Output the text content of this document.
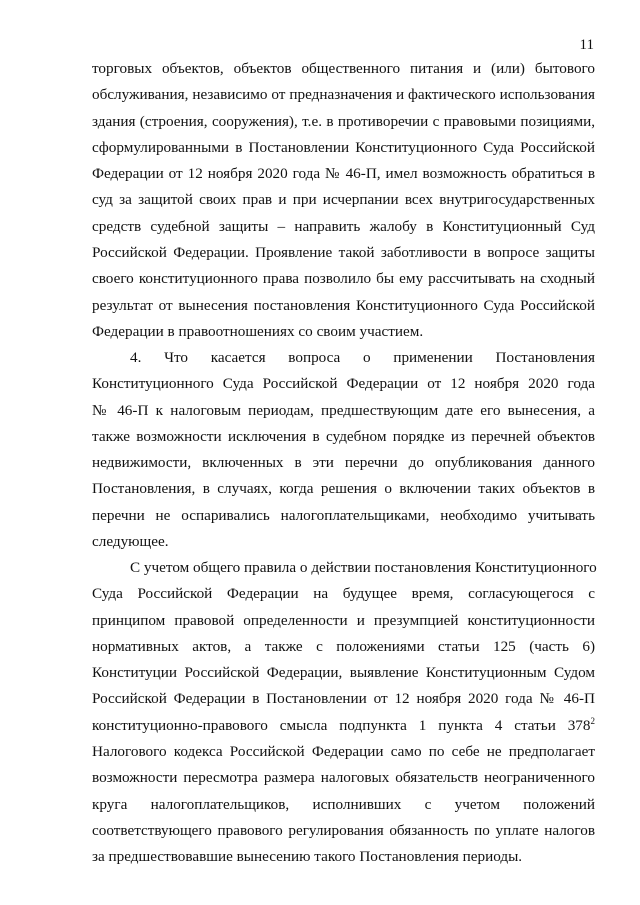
11
торговых объектов, объектов общественного питания и (или) бытового
обслуживания, независимо от предназначения и фактического использования
здания (строения, сооружения), т.е. в противоречии с правовыми позициями,
сформулированными в Постановлении Конституционного Суда Российской
Федерации от 12 ноября 2020 года № 46-П, имел возможность обратиться в
суд за защитой своих прав и при исчерпании всех внутригосударственных
средств судебной защиты – направить жалобу в Конституционный Суд
Российской Федерации. Проявление такой заботливости в вопросе защиты
своего конституционного права позволило бы ему рассчитывать на сходный
результат от вынесения постановления Конституционного Суда Российской
Федерации в правоотношениях со своим участием.
4. Что касается вопроса о применении Постановления
Конституционного Суда Российской Федерации от 12 ноября 2020 года
№ 46-П к налоговым периодам, предшествующим дате его вынесения, а
также возможности исключения в судебном порядке из перечней объектов
недвижимости, включенных в эти перечни до опубликования данного
Постановления, в случаях, когда решения о включении таких объектов в
перечни не оспаривались налогоплательщиками, необходимо учитывать
следующее.
С учетом общего правила о действии постановления Конституционного
Суда Российской Федерации на будущее время, согласующегося с
принципом правовой определенности и презумпцией конституционности
нормативных актов, а также с положениями статьи 125 (часть 6)
Конституции Российской Федерации, выявление Конституционным Судом
Российской Федерации в Постановлении от 12 ноября 2020 года № 46-П
конституционно-правового смысла подпункта 1 пункта 4 статьи $378^2$
Налогового кодекса Российской Федерации само по себе не предполагает
возможности пересмотра размера налоговых обязательств неограниченного
круга налогоплательщиков, исполнивших с учетом положений
соответствующего правового регулирования обязанность по уплате налогов
за предшествовавшие вынесению такого Постановления периоды.
